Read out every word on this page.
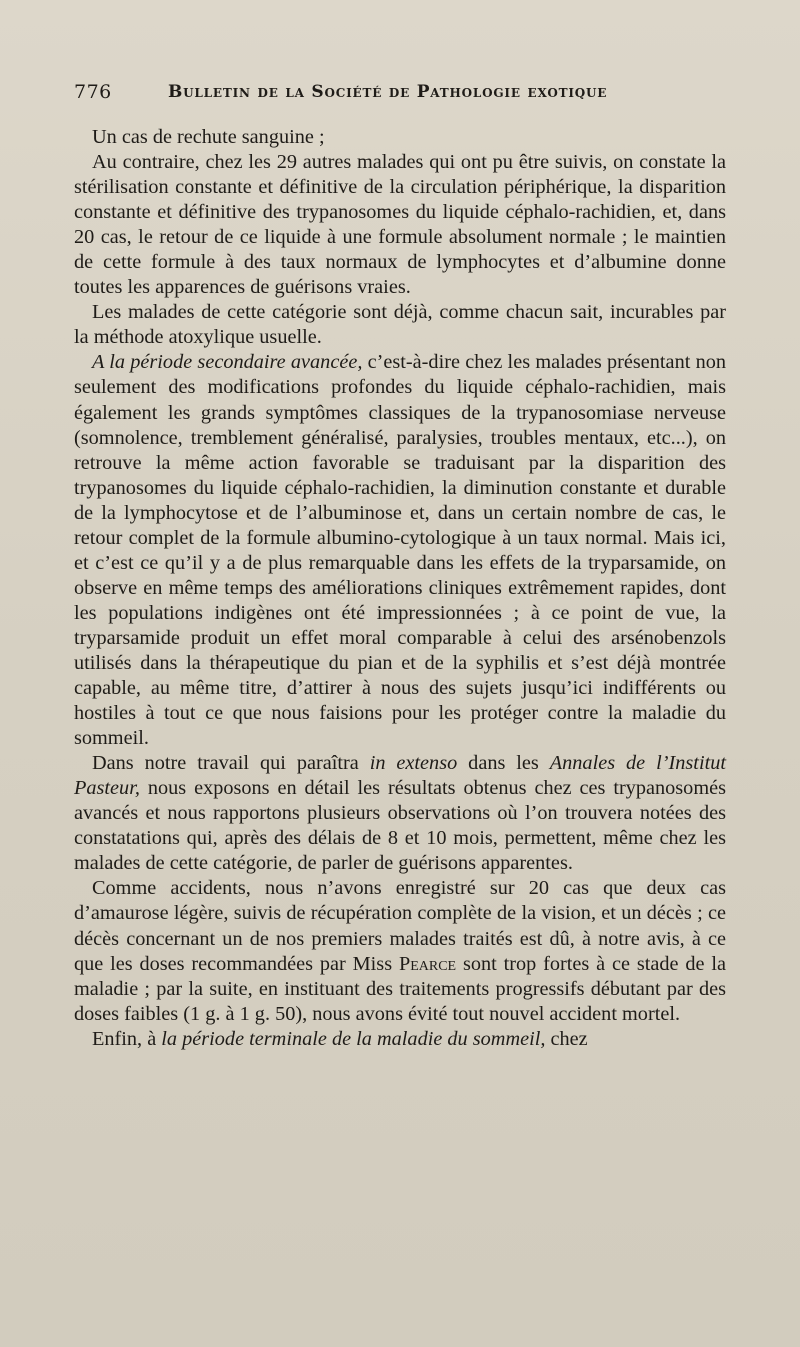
776	Bulletin de la Société de Pathologie exotique

Un cas de rechute sanguine ;

Au contraire, chez les 29 autres malades qui ont pu être suivis, on constate la stérilisation constante et définitive de la circulation périphérique, la disparition constante et définitive des trypanosomes du liquide céphalo-rachidien, et, dans 20 cas, le retour de ce liquide à une formule absolument normale ; le maintien de cette formule à des taux normaux de lymphocytes et d’albumine donne toutes les apparences de guérisons vraies.

Les malades de cette catégorie sont déjà, comme chacun sait, incurables par la méthode atoxylique usuelle.

A la période secondaire avancée, c’est-à-dire chez les malades présentant non seulement des modifications profondes du liquide céphalo-rachidien, mais également les grands symptômes classiques de la trypanosomiase nerveuse (somnolence, tremblement généralisé, paralysies, troubles mentaux, etc...), on retrouve la même action favorable se traduisant par la disparition des trypanosomes du liquide céphalo-rachidien, la diminution constante et durable de la lymphocytose et de l’albuminose et, dans un certain nombre de cas, le retour complet de la formule albumino-cytologique à un taux normal. Mais ici, et c’est ce qu’il y a de plus remarquable dans les effets de la tryparsamide, on observe en même temps des améliorations cliniques extrêmement rapides, dont les populations indigènes ont été impressionnées ; à ce point de vue, la tryparsamide produit un effet moral comparable à celui des arsénobenzols utilisés dans la thérapeutique du pian et de la syphilis et s’est déjà montrée capable, au même titre, d’attirer à nous des sujets jusqu’ici indifférents ou hostiles à tout ce que nous faisions pour les protéger contre la maladie du sommeil.

Dans notre travail qui paraîtra in extenso dans les Annales de l’Institut Pasteur, nous exposons en détail les résultats obtenus chez ces trypanosomés avancés et nous rapportons plusieurs observations où l’on trouvera notées des constatations qui, après des délais de 8 et 10 mois, permettent, même chez les malades de cette catégorie, de parler de guérisons apparentes.

Comme accidents, nous n’avons enregistré sur 20 cas que deux cas d’amaurose légère, suivis de récupération complète de la vision, et un décès ; ce décès concernant un de nos premiers malades traités est dû, à notre avis, à ce que les doses recommandées par Miss Pearce sont trop fortes à ce stade de la maladie ; par la suite, en instituant des traitements progressifs débutant par des doses faibles (1 g. à 1 g. 50), nous avons évité tout nouvel accident mortel.

Enfin, à la période terminale de la maladie du sommeil, chez
